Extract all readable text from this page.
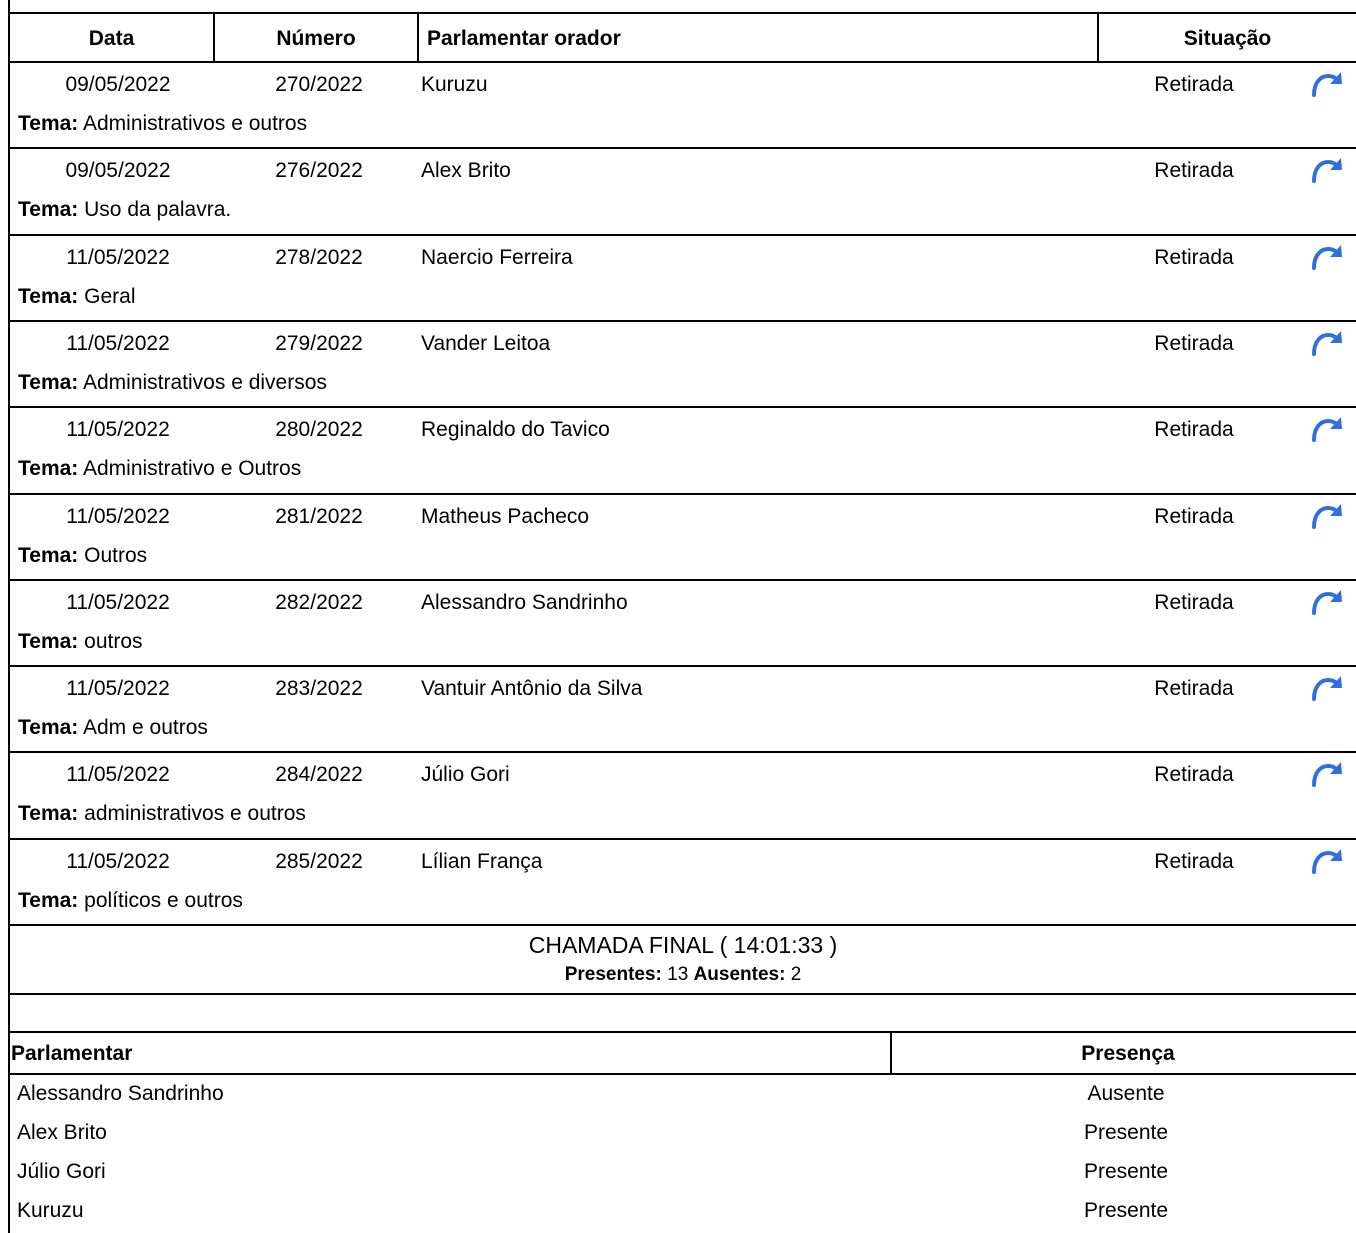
Data	Número	Parlamentar orador	Situação
09/05/2022	270/2022	Kuruzu	Retirada
Tema: Administrativos e outros
09/05/2022	276/2022	Alex Brito	Retirada
Tema: Uso da palavra.
11/05/2022	278/2022	Naercio Ferreira	Retirada
Tema: Geral
11/05/2022	279/2022	Vander Leitoa	Retirada
Tema: Administrativos e diversos
11/05/2022	280/2022	Reginaldo do Tavico	Retirada
Tema: Administrativo e Outros
11/05/2022	281/2022	Matheus Pacheco	Retirada
Tema: Outros
11/05/2022	282/2022	Alessandro Sandrinho	Retirada
Tema: outros
11/05/2022	283/2022	Vantuir Antônio da Silva	Retirada
Tema: Adm e outros
11/05/2022	284/2022	Júlio Gori	Retirada
Tema: administrativos e outros
11/05/2022	285/2022	Lílian França	Retirada
Tema: políticos e outros
CHAMADA FINAL ( 14:01:33 )
Presentes: 13 Ausentes: 2
Parlamentar	Presença
Alessandro Sandrinho	Ausente
Alex Brito	Presente
Júlio Gori	Presente
Kuruzu	Presente
